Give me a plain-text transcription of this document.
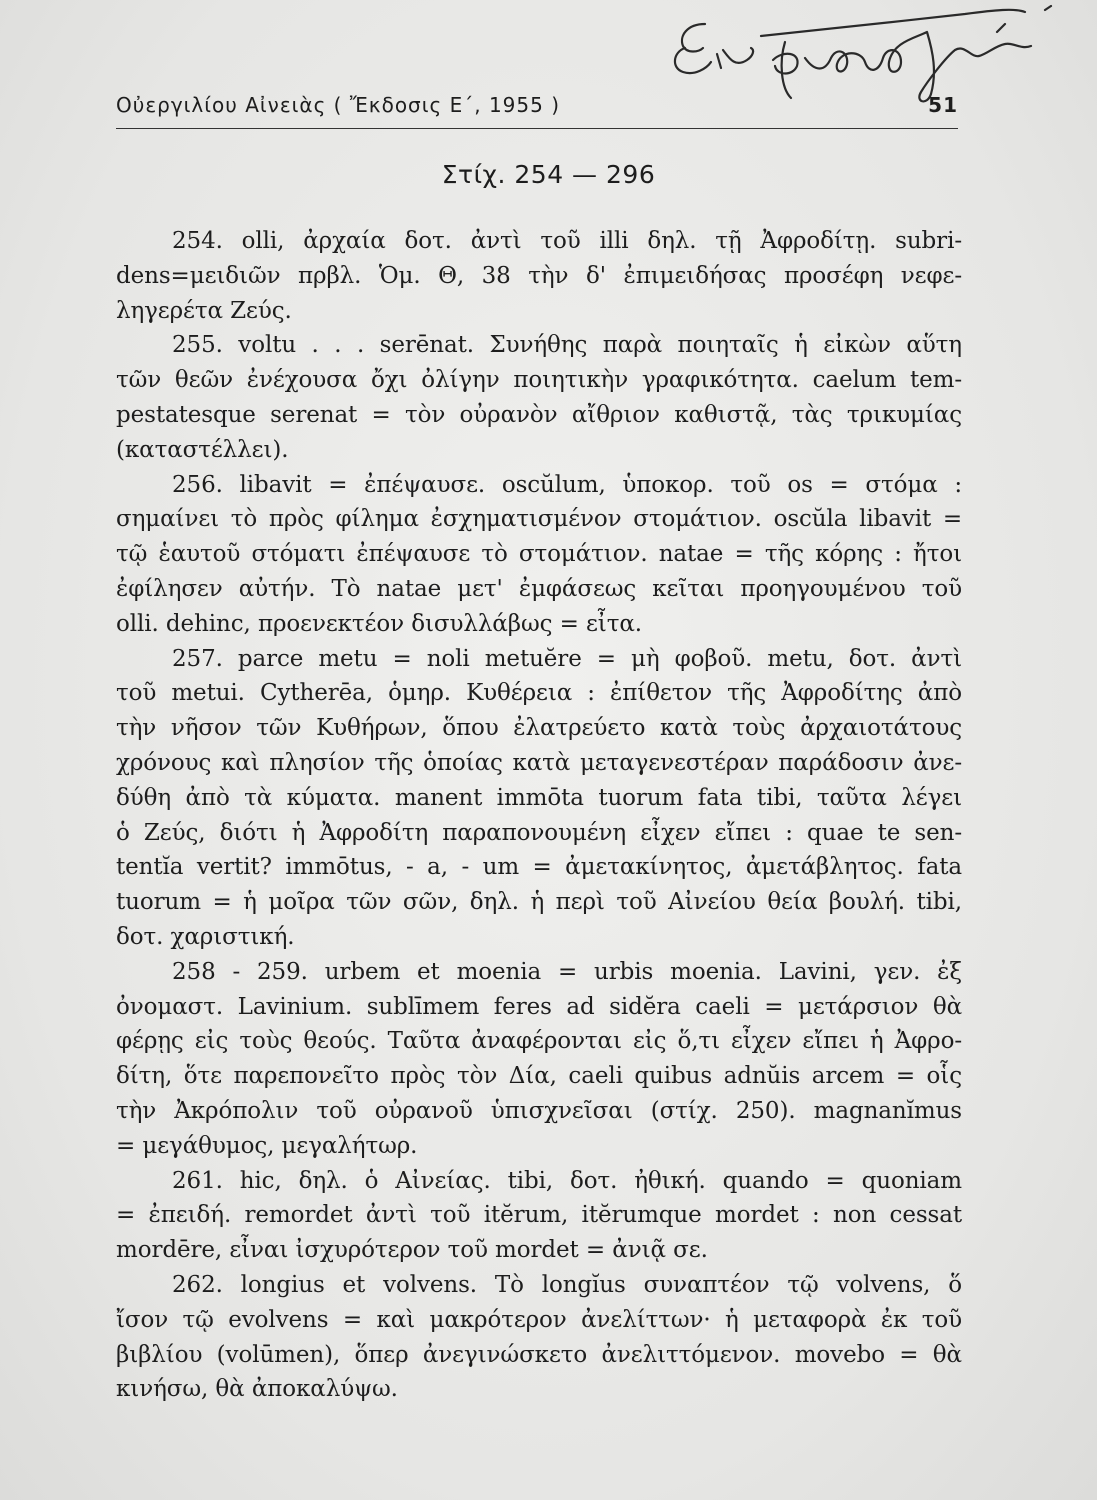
Οὐεργιλίου Αἰνειὰς ( Ἔκδοσις Ε΄, 1955 )	51
Στίχ. 254 — 296
254. olli, ἀρχαία δοτ. ἀντὶ τοῦ illi δηλ. τῇ Ἀφροδίτῃ. subri-
dens=μειδιῶν πρβλ. Ὁμ. Θ, 38 τὴν δ' ἐπιμειδήσας προσέφη νεφε-
ληγερέτα Ζεύς.
255. voltu . . . serēnat. Συνήθης παρὰ ποιηταῖς ἡ εἰκὼν αὕτη
τῶν θεῶν ἐνέχουσα ὄχι ὀλίγην ποιητικὴν γραφικότητα. caelum tem-
pestatesque serenat = τὸν οὐρανὸν αἴθριον καθιστᾷ, τὰς τρικυμίας
(καταστέλλει).
256. libavit = ἐπέψαυσε. oscŭlum, ὑποκορ. τοῦ os = στόμα :
σημαίνει τὸ πρὸς φίλημα ἐσχηματισμένον στομάτιον. oscŭla libavit =
τῷ ἑαυτοῦ στόματι ἐπέψαυσε τὸ στομάτιον. natae = τῆς κόρης : ἤτοι
ἐφίλησεν αὐτήν. Τὸ natae μετ' ἐμφάσεως κεῖται προηγουμένου τοῦ
olli. dehinc, προενεκτέον δισυλλάβως = εἶτα.
257. parce metu = noli metuĕre = μὴ φοβοῦ. metu, δοτ. ἀντὶ
τοῦ metui. Cytherēa, ὁμηρ. Κυθέρεια : ἐπίθετον τῆς Ἀφροδίτης ἀπὸ
τὴν νῆσον τῶν Κυθήρων, ὅπου ἐλατρεύετο κατὰ τοὺς ἀρχαιοτάτους
χρόνους καὶ πλησίον τῆς ὁποίας κατὰ μεταγενεστέραν παράδοσιν ἀνε-
δύθη ἀπὸ τὰ κύματα. manent immōta tuorum fata tibi, ταῦτα λέγει
ὁ Ζεύς, διότι ἡ Ἀφροδίτη παραπονουμένη εἶχεν εἴπει : quae te sen-
tentĭa vertit? immōtus, - a, - um = ἀμετακίνητος, ἀμετάβλητος. fata
tuorum = ἡ μοῖρα τῶν σῶν, δηλ. ἡ περὶ τοῦ Αἰνείου θεία βουλή. tibi,
δοτ. χαριστική.
258 - 259. urbem et moenia = urbis moenia. Lavini, γεν. ἐξ
ὀνομαστ. Lavinium. sublīmem feres ad sidĕra caeli = μετάρσιον θὰ
φέρῃς εἰς τοὺς θεούς. Ταῦτα ἀναφέρονται εἰς ὅ,τι εἶχεν εἴπει ἡ Ἀφρο-
δίτη, ὅτε παρεπονεῖτο πρὸς τὸν Δία, caeli quibus adnŭis arcem = οἷς
τὴν Ἀκρόπολιν τοῦ οὐρανοῦ ὑπισχνεῖσαι (στίχ. 250). magnanĭmus
= μεγάθυμος, μεγαλήτωρ.
261. hic, δηλ. ὁ Αἰνείας. tibi, δοτ. ἠθική. quando = quoniam
= ἐπειδή. remordet ἀντὶ τοῦ itĕrum, itĕrumque mordet : non cessat
mordēre, εἶναι ἰσχυρότερον τοῦ mordet = ἀνιᾷ σε.
262. longius et volvens. Τὸ longĭus συναπτέον τῷ volvens, ὅ
ἴσον τῷ evolvens = καὶ μακρότερον ἀνελίττων· ἡ μεταφορὰ ἐκ τοῦ
βιβλίου (volūmen), ὅπερ ἀνεγινώσκετο ἀνελιττόμενον. movebo = θὰ
κινήσω, θὰ ἀποκαλύψω.
